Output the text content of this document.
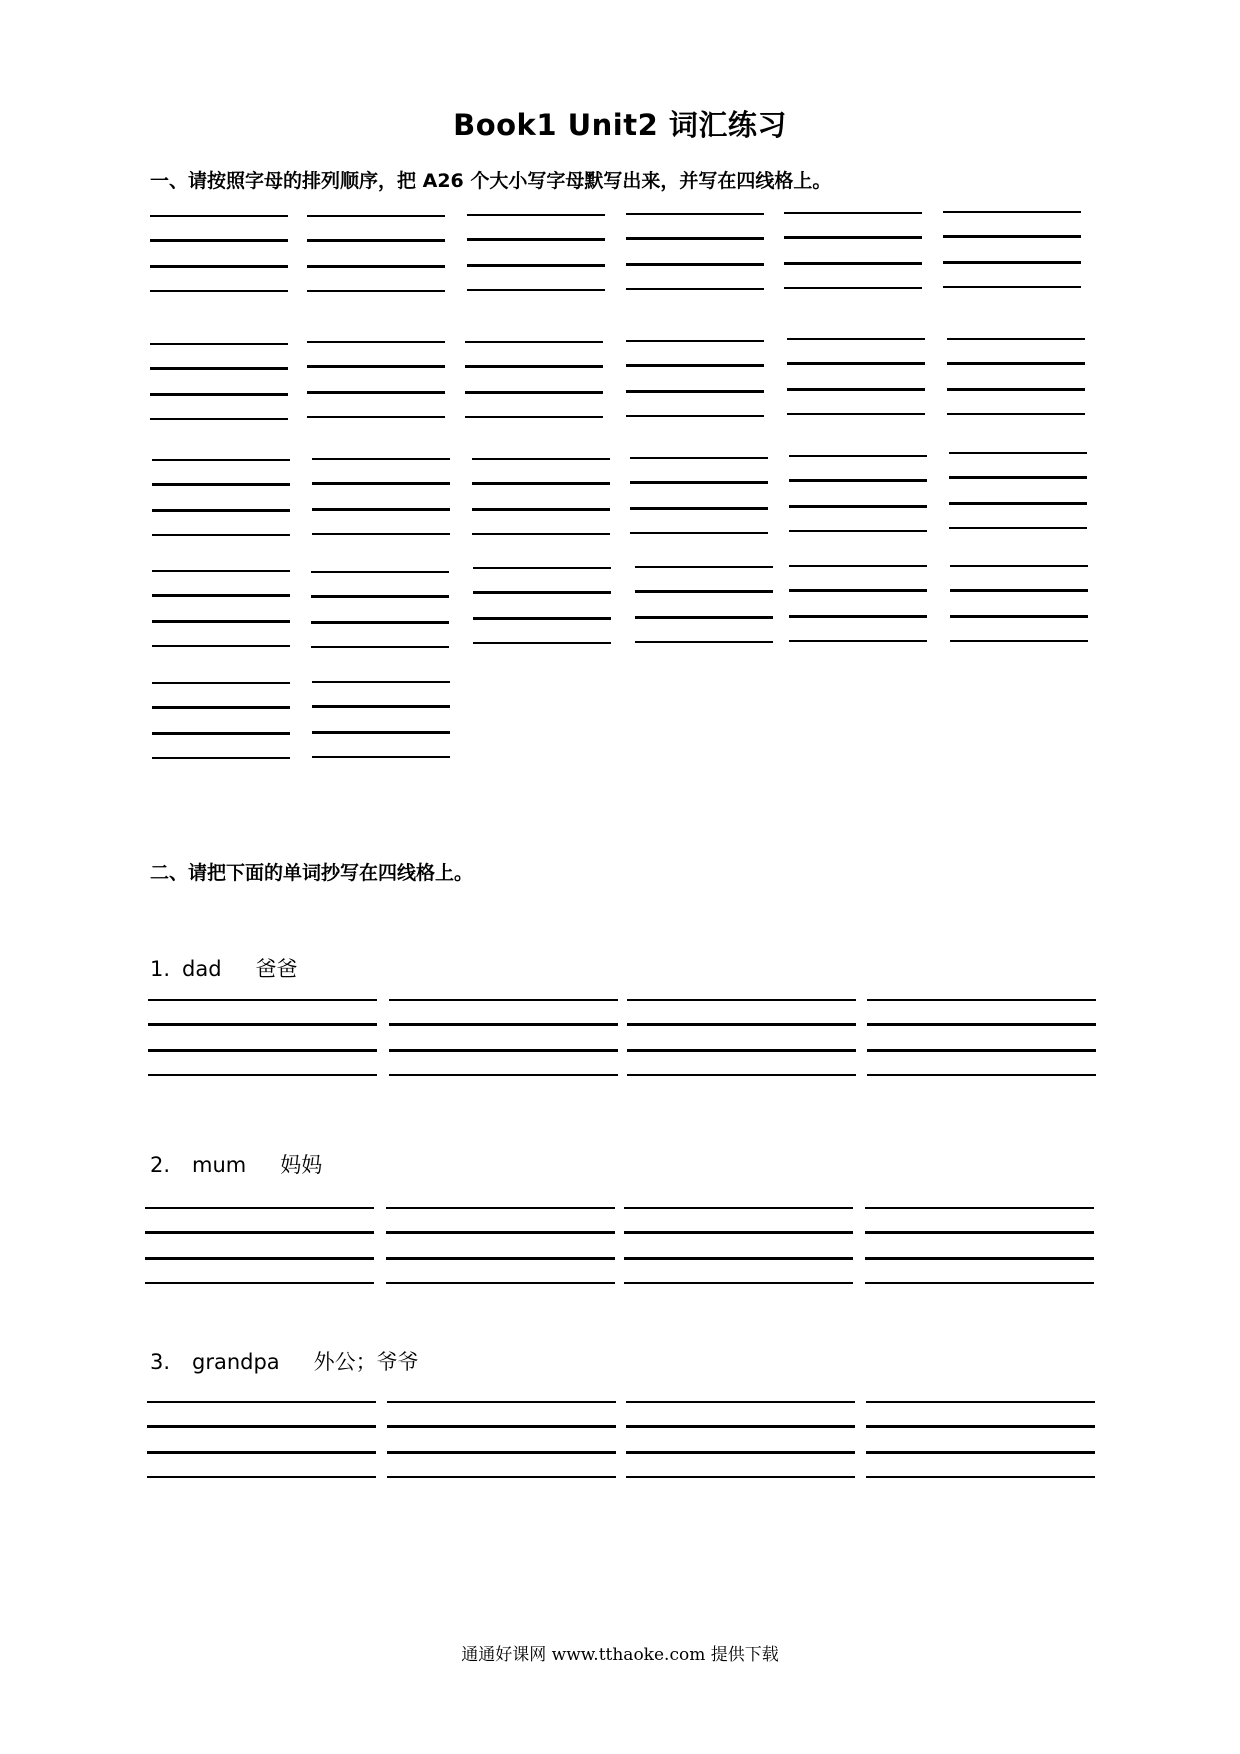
Book1 Unit2 词汇练习
一、请按照字母的排列顺序，把 A26 个大小写字母默写出来，并写在四线格上。
二、请把下面的单词抄写在四线格上。
1. dad 爸爸
2. mum 妈妈
3. grandpa 外公；爷爷
通通好课网 www.tthaoke.com 提供下载
